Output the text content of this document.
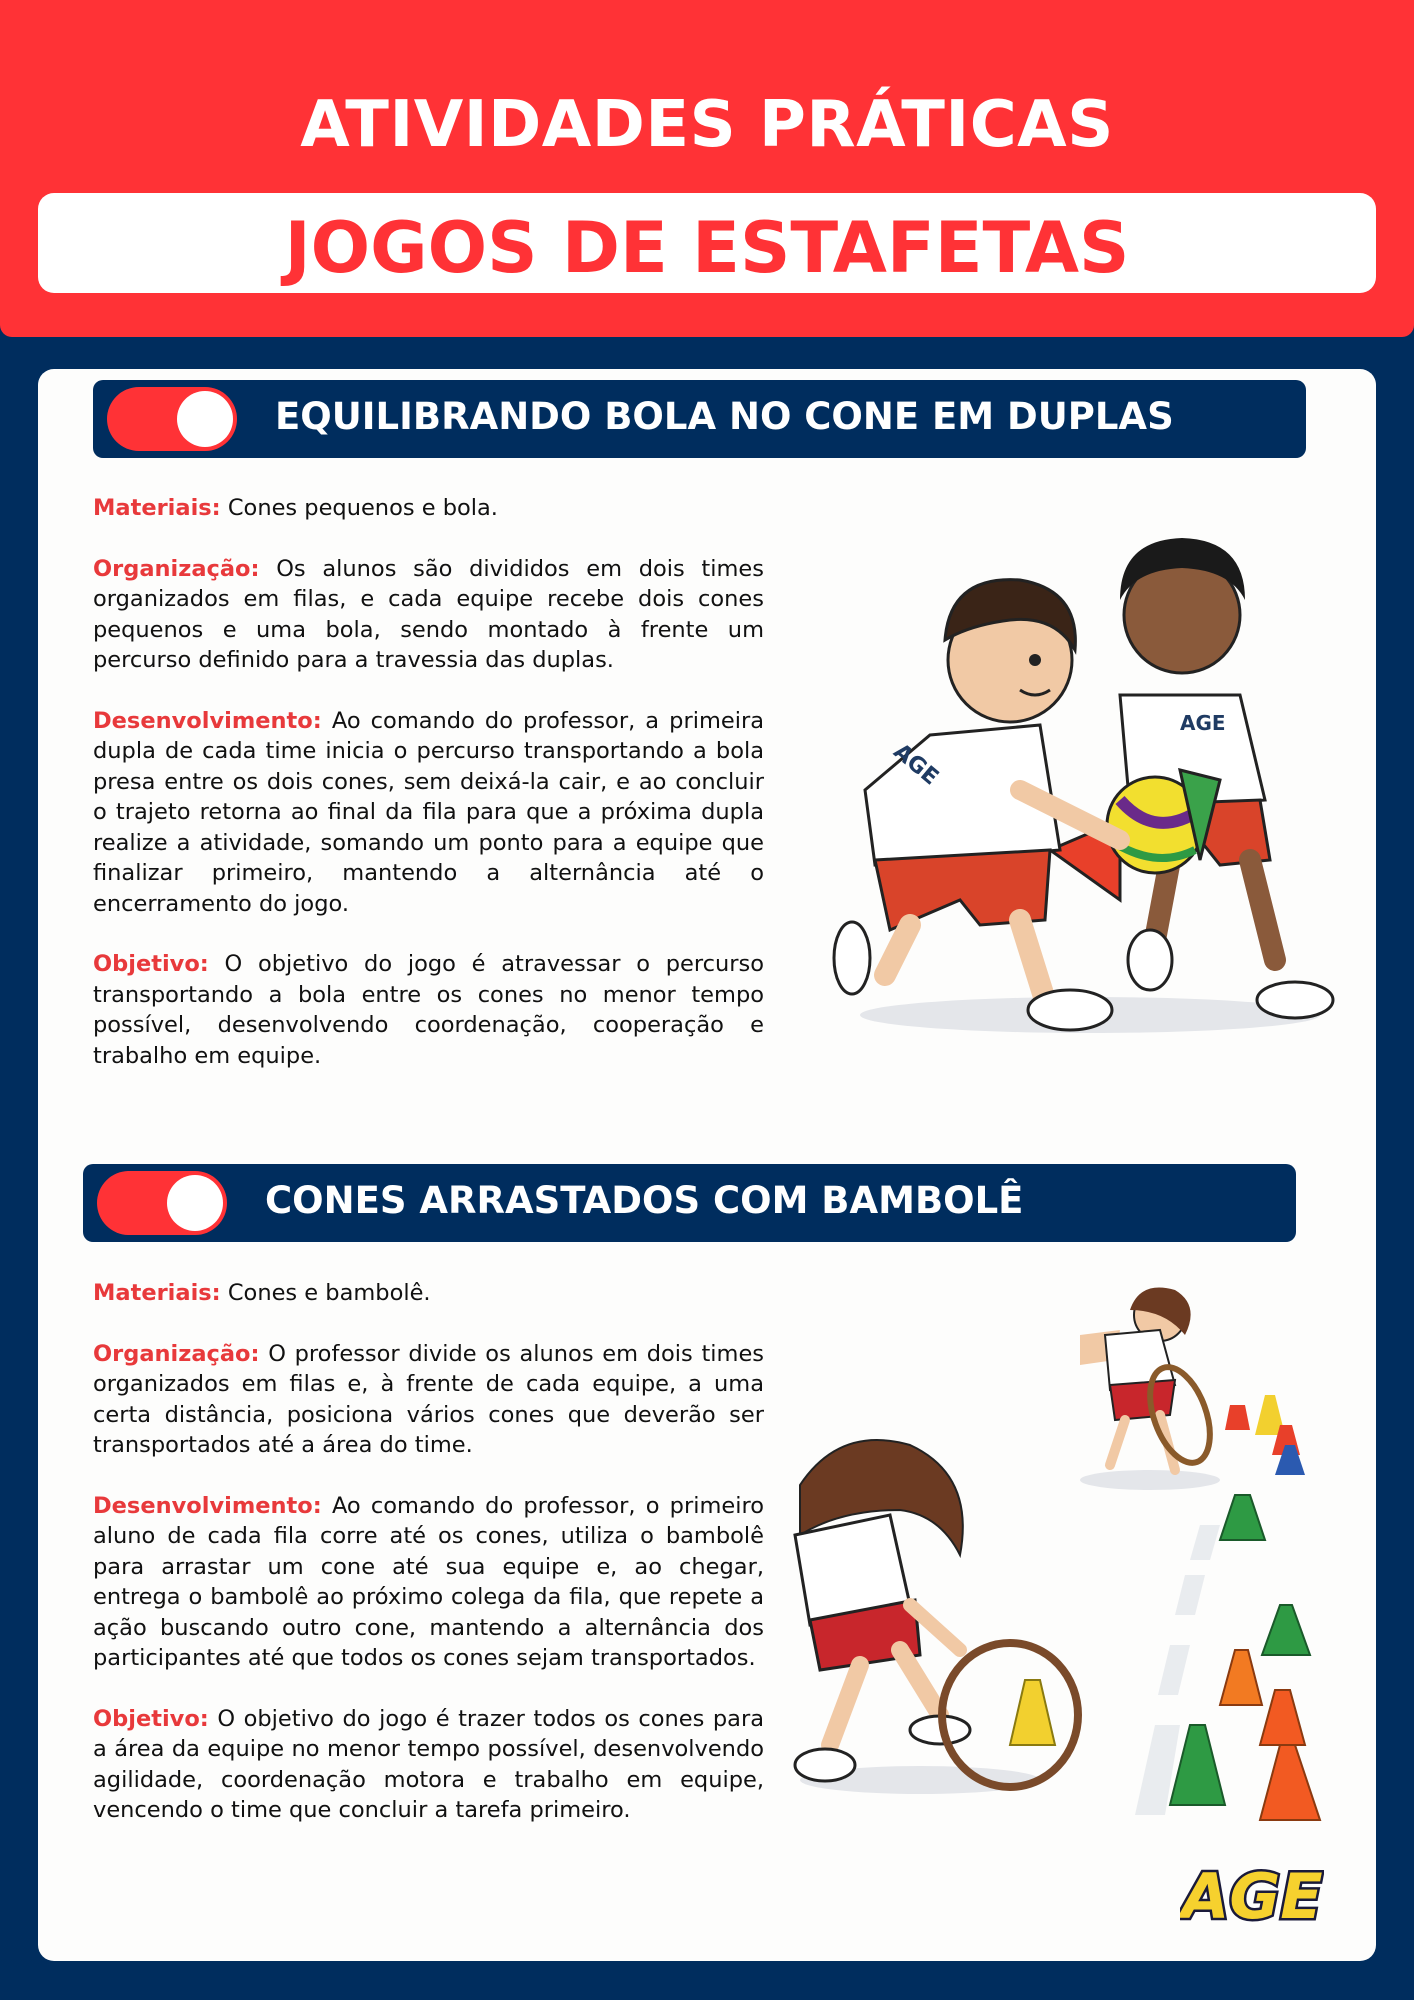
ATIVIDADES PRÁTICAS
JOGOS DE ESTAFETAS
EQUILIBRANDO BOLA NO CONE EM DUPLAS

Materiais: Cones pequenos e bola.

Organização: Os alunos são divididos em dois times organizados em filas, e cada equipe recebe dois cones pequenos e uma bola, sendo montado à frente um percurso definido para a travessia das duplas.

Desenvolvimento: Ao comando do professor, a primeira dupla de cada time inicia o percurso transportando a bola presa entre os dois cones, sem deixá-la cair, e ao concluir o trajeto retorna ao final da fila para que a próxima dupla realize a atividade, somando um ponto para a equipe que finalizar primeiro, mantendo a alternância até o encerramento do jogo.

Objetivo: O objetivo do jogo é atravessar o percurso transportando a bola entre os cones no menor tempo possível, desenvolvendo coordenação, cooperação e trabalho em equipe.

AGE
AGE
CONES ARRASTADOS COM BAMBOLÊ

Materiais: Cones e bambolê.

Organização: O professor divide os alunos em dois times organizados em filas e, à frente de cada equipe, a uma certa distância, posiciona vários cones que deverão ser transportados até a área do time.

Desenvolvimento: Ao comando do professor, o primeiro aluno de cada fila corre até os cones, utiliza o bambolê para arrastar um cone até sua equipe e, ao chegar, entrega o bambolê ao próximo colega da fila, que repete a ação buscando outro cone, mantendo a alternância dos participantes até que todos os cones sejam transportados.

Objetivo: O objetivo do jogo é trazer todos os cones para a área da equipe no menor tempo possível, desenvolvendo agilidade, coordenação motora e trabalho em equipe, vencendo o time que concluir a tarefa primeiro.

AGE
